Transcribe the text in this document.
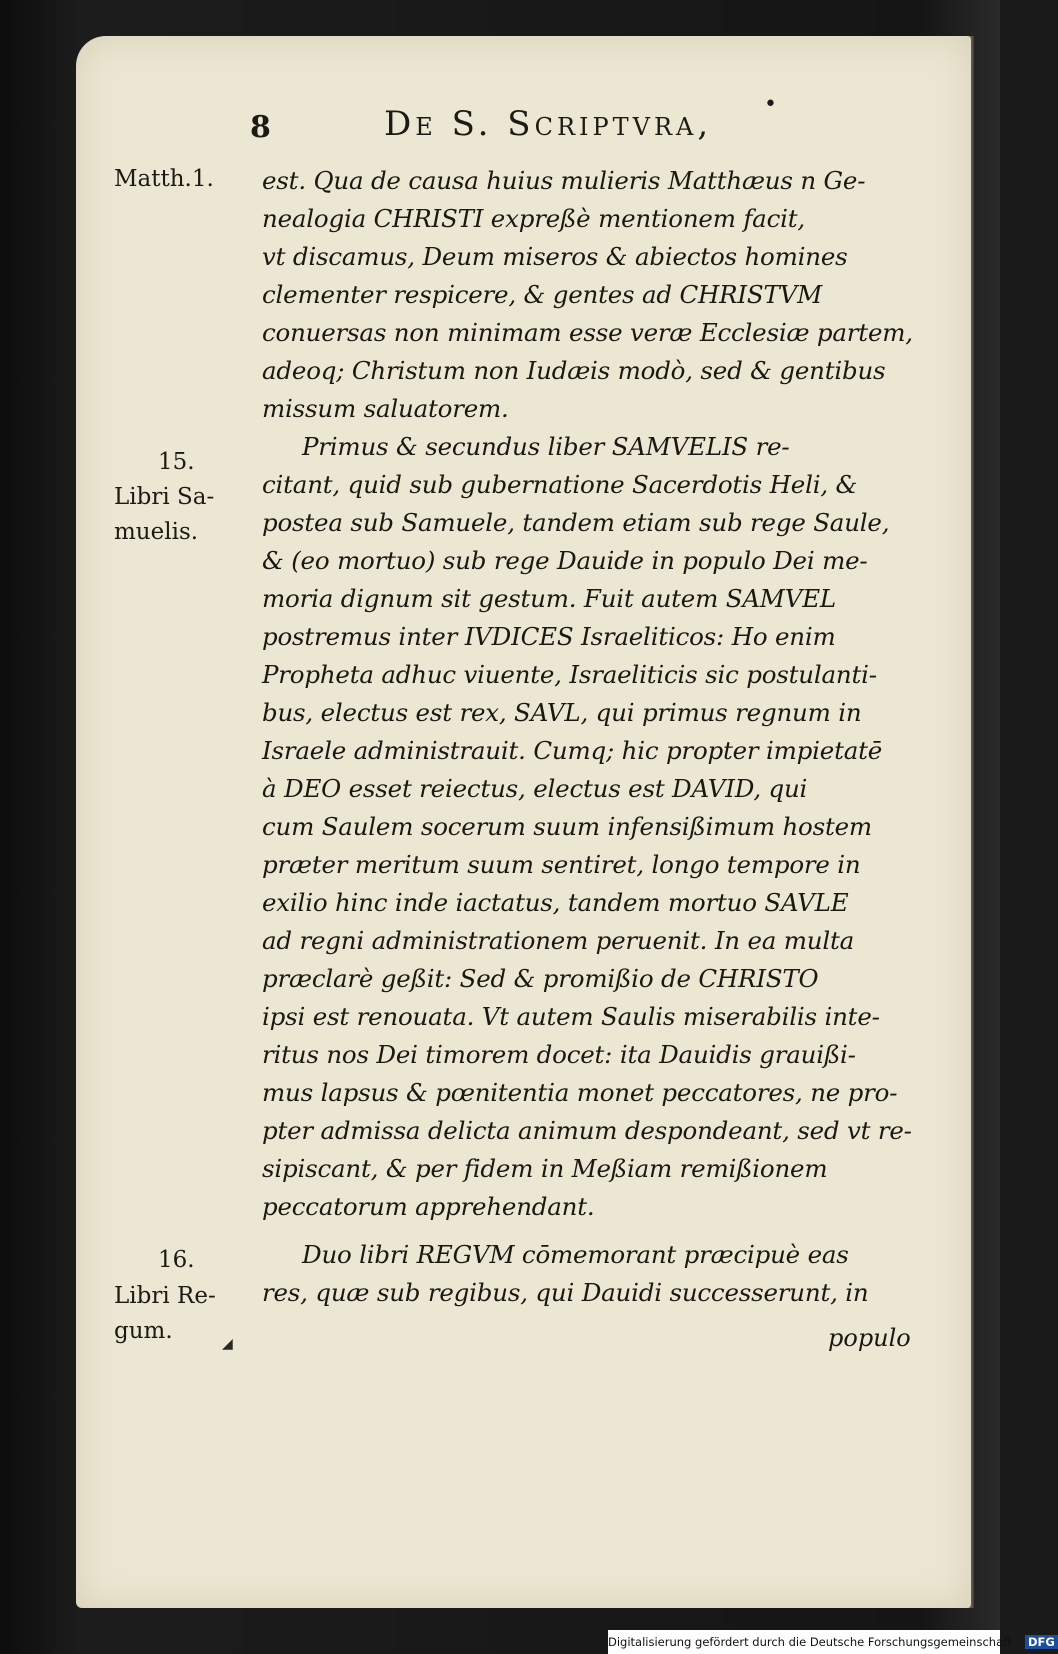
8	De S. Scriptvra, •
Matth.1.
15.
Libri Sa-
muelis.
16.
Libri Re-
gum.
est. Qua de causa huius mulieris Matthæus n Ge-
nealogia CHRISTI expreßè mentionem facit,
vt discamus, Deum miseros & abiectos homines
clementer respicere, & gentes ad CHRISTVM
conuersas non minimam esse veræ Ecclesiæ partem,
adeoq; Christum non Iudæis modò, sed & gentibus
missum saluatorem.
Primus & secundus liber SAMVELIS re-
citant, quid sub gubernatione Sacerdotis Heli, &
postea sub Samuele, tandem etiam sub rege Saule,
& (eo mortuo) sub rege Dauide in populo Dei me-
moria dignum sit gestum. Fuit autem SAMVEL
postremus inter IVDICES Israeliticos: Ho enim
Propheta adhuc viuente, Israeliticis sic postulanti-
bus, electus est rex, SAVL, qui primus regnum in
Israele administrauit. Cumq; hic propter impietatē
à DEO esset reiectus, electus est DAVID, qui
cum Saulem socerum suum infensißimum hostem
præter meritum suum sentiret, longo tempore in
exilio hinc inde iactatus, tandem mortuo SAVLE
ad regni administrationem peruenit. In ea multa
præclarè geßit: Sed & promißio de CHRISTO
ipsi est renouata. Vt autem Saulis miserabilis inte-
ritus nos Dei timorem docet: ita Dauidis grauißi-
mus lapsus & pœnitentia monet peccatores, ne pro-
pter admissa delicta animum despondeant, sed vt re-
sipiscant, & per fidem in Meßiam remißionem
peccatorum apprehendant.
Duo libri REGVM cōmemorant præcipuè eas
res, quæ sub regibus, qui Dauidi successerunt, in
populo
◢
Digitalisierung gefördert durch die Deutsche Forschungsgemeinschaft - DFG
